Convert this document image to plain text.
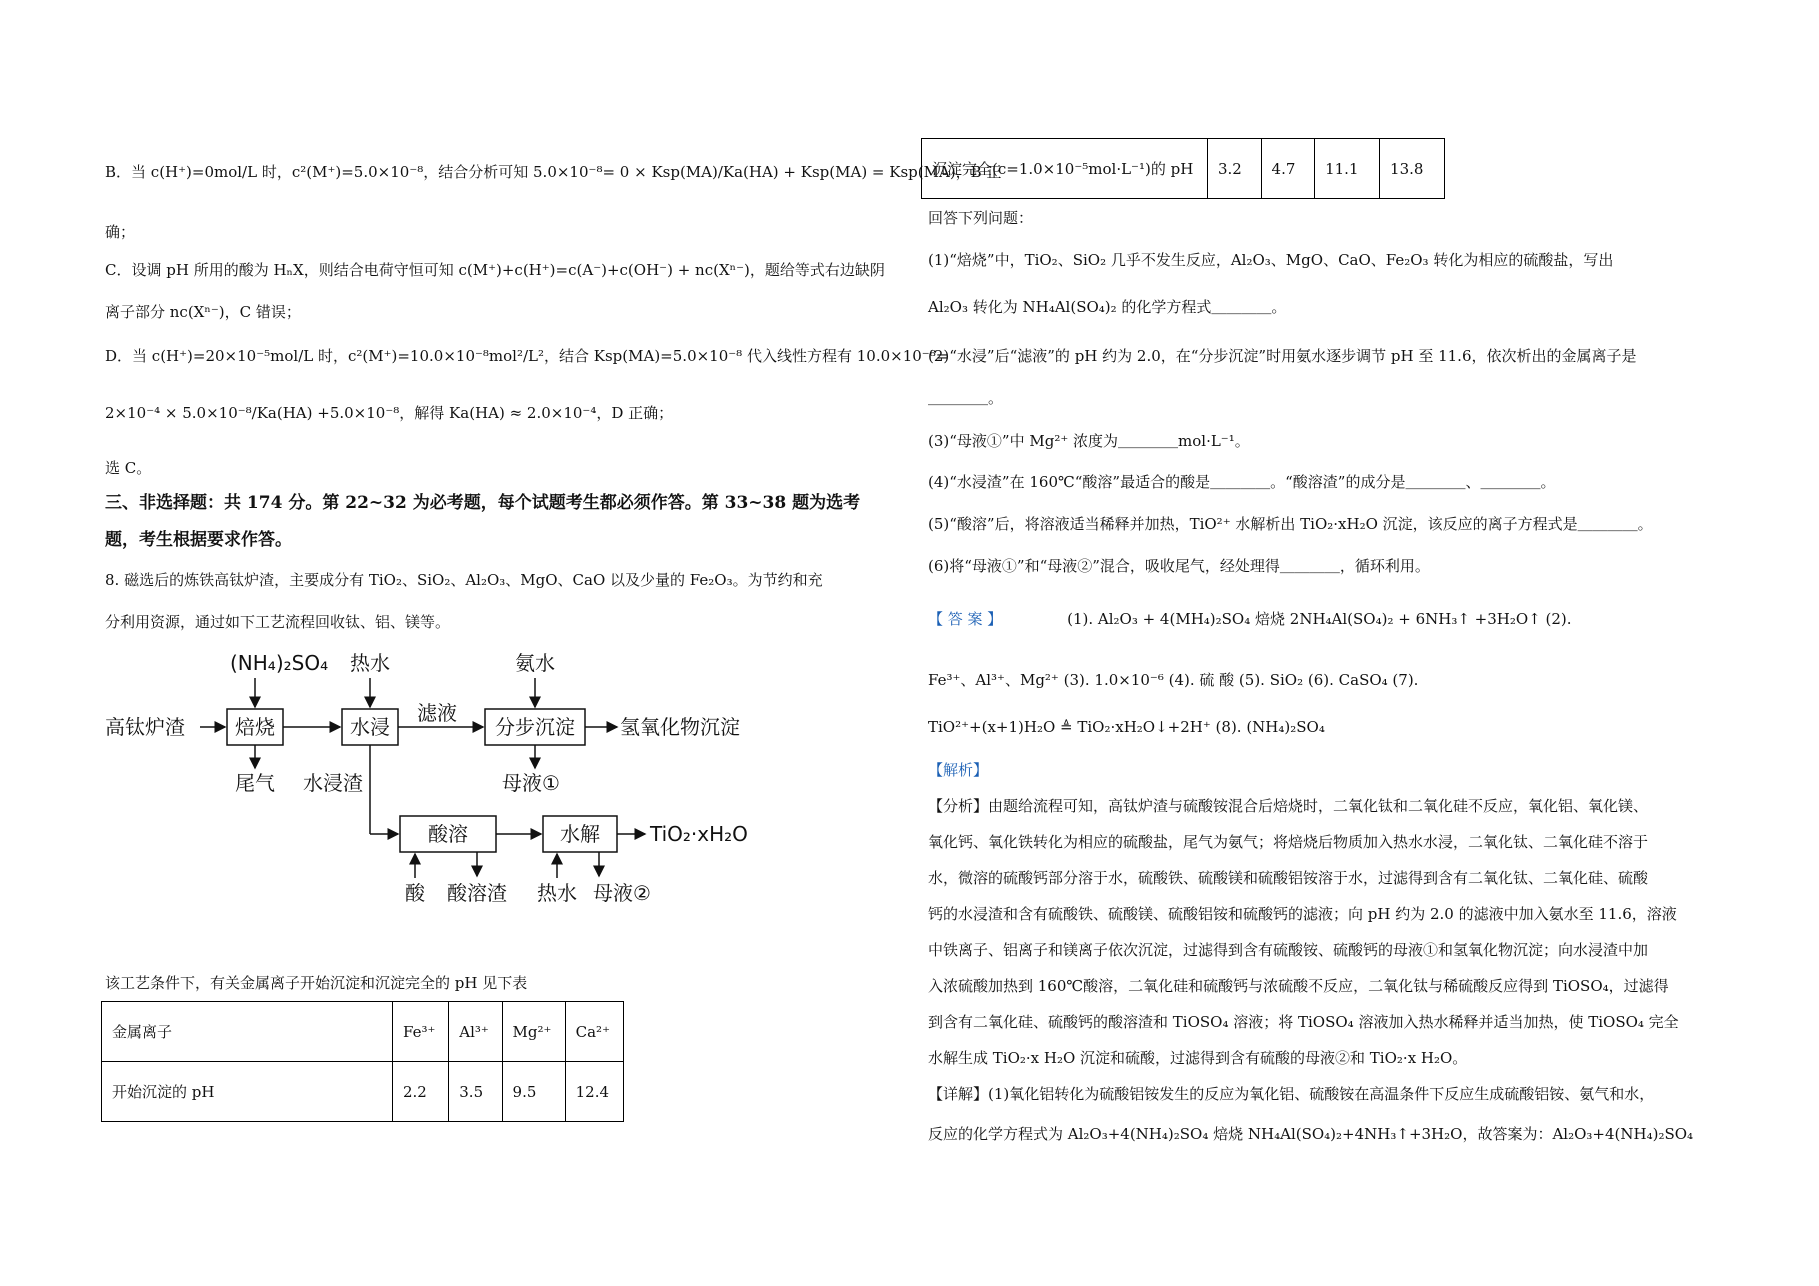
B．当 c(H⁺)=0mol/L 时，c²(M⁺)=5.0×10⁻⁸，结合分析可知 5.0×10⁻⁸= 0 × Ksp(MA)/Ka(HA) + Ksp(MA) = Ksp(MA)，B 正
确；
C．设调 pH 所用的酸为 HₙX，则结合电荷守恒可知 c(M⁺)+c(H⁺)=c(A⁻)+c(OH⁻) + nc(Xⁿ⁻)，题给等式右边缺阴
离子部分 nc(Xⁿ⁻)，C 错误；
D．当 c(H⁺)=20×10⁻⁵mol/L 时，c²(M⁺)=10.0×10⁻⁸mol²/L²，结合 Ksp(MA)=5.0×10⁻⁸ 代入线性方程有 10.0×10⁻⁸=
2×10⁻⁴ × 5.0×10⁻⁸/Ka(HA) +5.0×10⁻⁸，解得 Ka(HA) ≈ 2.0×10⁻⁴，D 正确；
选 C。
三、非选择题：共 174 分。第 22~32 为必考题，每个试题考生都必须作答。第 33~38 题为选考
题，考生根据要求作答。
8. 磁选后的炼铁高钛炉渣，主要成分有 TiO₂、SiO₂、Al₂O₃、MgO、CaO 以及少量的 Fe₂O₃。为节约和充
分利用资源，通过如下工艺流程回收钛、铝、镁等。
(NH₄)₂SO₄ 热水	氨水
高钛炉渣	焙烧	水浸
滤液
分步沉淀 氢氧化物沉淀
尾气 水浸渣	母液①
酸溶	水解	TiO₂·xH₂O
酸 酸溶渣 热水 母液②
该工艺条件下，有关金属离子开始沉淀和沉淀完全的 pH 见下表
金属离子	Fe³⁺	Al³⁺	Mg²⁺	Ca²⁺
开始沉淀的 pH	2.2	3.5	9.5	12.4
沉淀完全(c=1.0×10⁻⁵mol·L⁻¹)的 pH	3.2	4.7	11.1	13.8
回答下列问题：
(1)“焙烧”中，TiO₂、SiO₂ 几乎不发生反应，Al₂O₃、MgO、CaO、Fe₂O₃ 转化为相应的硫酸盐，写出
Al₂O₃ 转化为 NH₄Al(SO₄)₂ 的化学方程式＿＿＿＿。
(2)“水浸”后“滤液”的 pH 约为 2.0，在“分步沉淀”时用氨水逐步调节 pH 至 11.6，依次析出的金属离子是
＿＿＿＿。
(3)“母液①”中 Mg²⁺ 浓度为＿＿＿＿mol·L⁻¹。
(4)“水浸渣”在 160℃“酸溶”最适合的酸是＿＿＿＿。“酸溶渣”的成分是＿＿＿＿、＿＿＿＿。
(5)“酸溶”后，将溶液适当稀释并加热，TiO²⁺ 水解析出 TiO₂·xH₂O 沉淀，该反应的离子方程式是＿＿＿＿。
(6)将“母液①”和“母液②”混合，吸收尾气，经处理得＿＿＿＿，循环利用。
【 答 案 】	(1). Al₂O₃ + 4(MH₄)₂SO₄ 焙烧 2NH₄Al(SO₄)₂ + 6NH₃↑ +3H₂O↑ (2).
Fe³⁺、Al³⁺、Mg²⁺ (3). 1.0×10⁻⁶ (4). 硫 酸 (5). SiO₂ (6). CaSO₄ (7).
TiO²⁺+(x+1)H₂O ≜ TiO₂·xH₂O↓+2H⁺ (8). (NH₄)₂SO₄
【解析】
【分析】由题给流程可知，高钛炉渣与硫酸铵混合后焙烧时，二氧化钛和二氧化硅不反应，氧化铝、氧化镁、
氧化钙、氧化铁转化为相应的硫酸盐，尾气为氨气；将焙烧后物质加入热水水浸，二氧化钛、二氧化硅不溶于
水，微溶的硫酸钙部分溶于水，硫酸铁、硫酸镁和硫酸铝铵溶于水，过滤得到含有二氧化钛、二氧化硅、硫酸
钙的水浸渣和含有硫酸铁、硫酸镁、硫酸铝铵和硫酸钙的滤液；向 pH 约为 2.0 的滤液中加入氨水至 11.6，溶液
中铁离子、铝离子和镁离子依次沉淀，过滤得到含有硫酸铵、硫酸钙的母液①和氢氧化物沉淀；向水浸渣中加
入浓硫酸加热到 160℃酸溶，二氧化硅和硫酸钙与浓硫酸不反应，二氧化钛与稀硫酸反应得到 TiOSO₄，过滤得
到含有二氧化硅、硫酸钙的酸溶渣和 TiOSO₄ 溶液；将 TiOSO₄ 溶液加入热水稀释并适当加热，使 TiOSO₄ 完全
水解生成 TiO₂·x H₂O 沉淀和硫酸，过滤得到含有硫酸的母液②和 TiO₂·x H₂O。
【详解】(1)氧化铝转化为硫酸铝铵发生的反应为氧化铝、硫酸铵在高温条件下反应生成硫酸铝铵、氨气和水，
反应的化学方程式为 Al₂O₃+4(NH₄)₂SO₄ 焙烧 NH₄Al(SO₄)₂+4NH₃↑+3H₂O，故答案为：Al₂O₃+4(NH₄)₂SO₄
